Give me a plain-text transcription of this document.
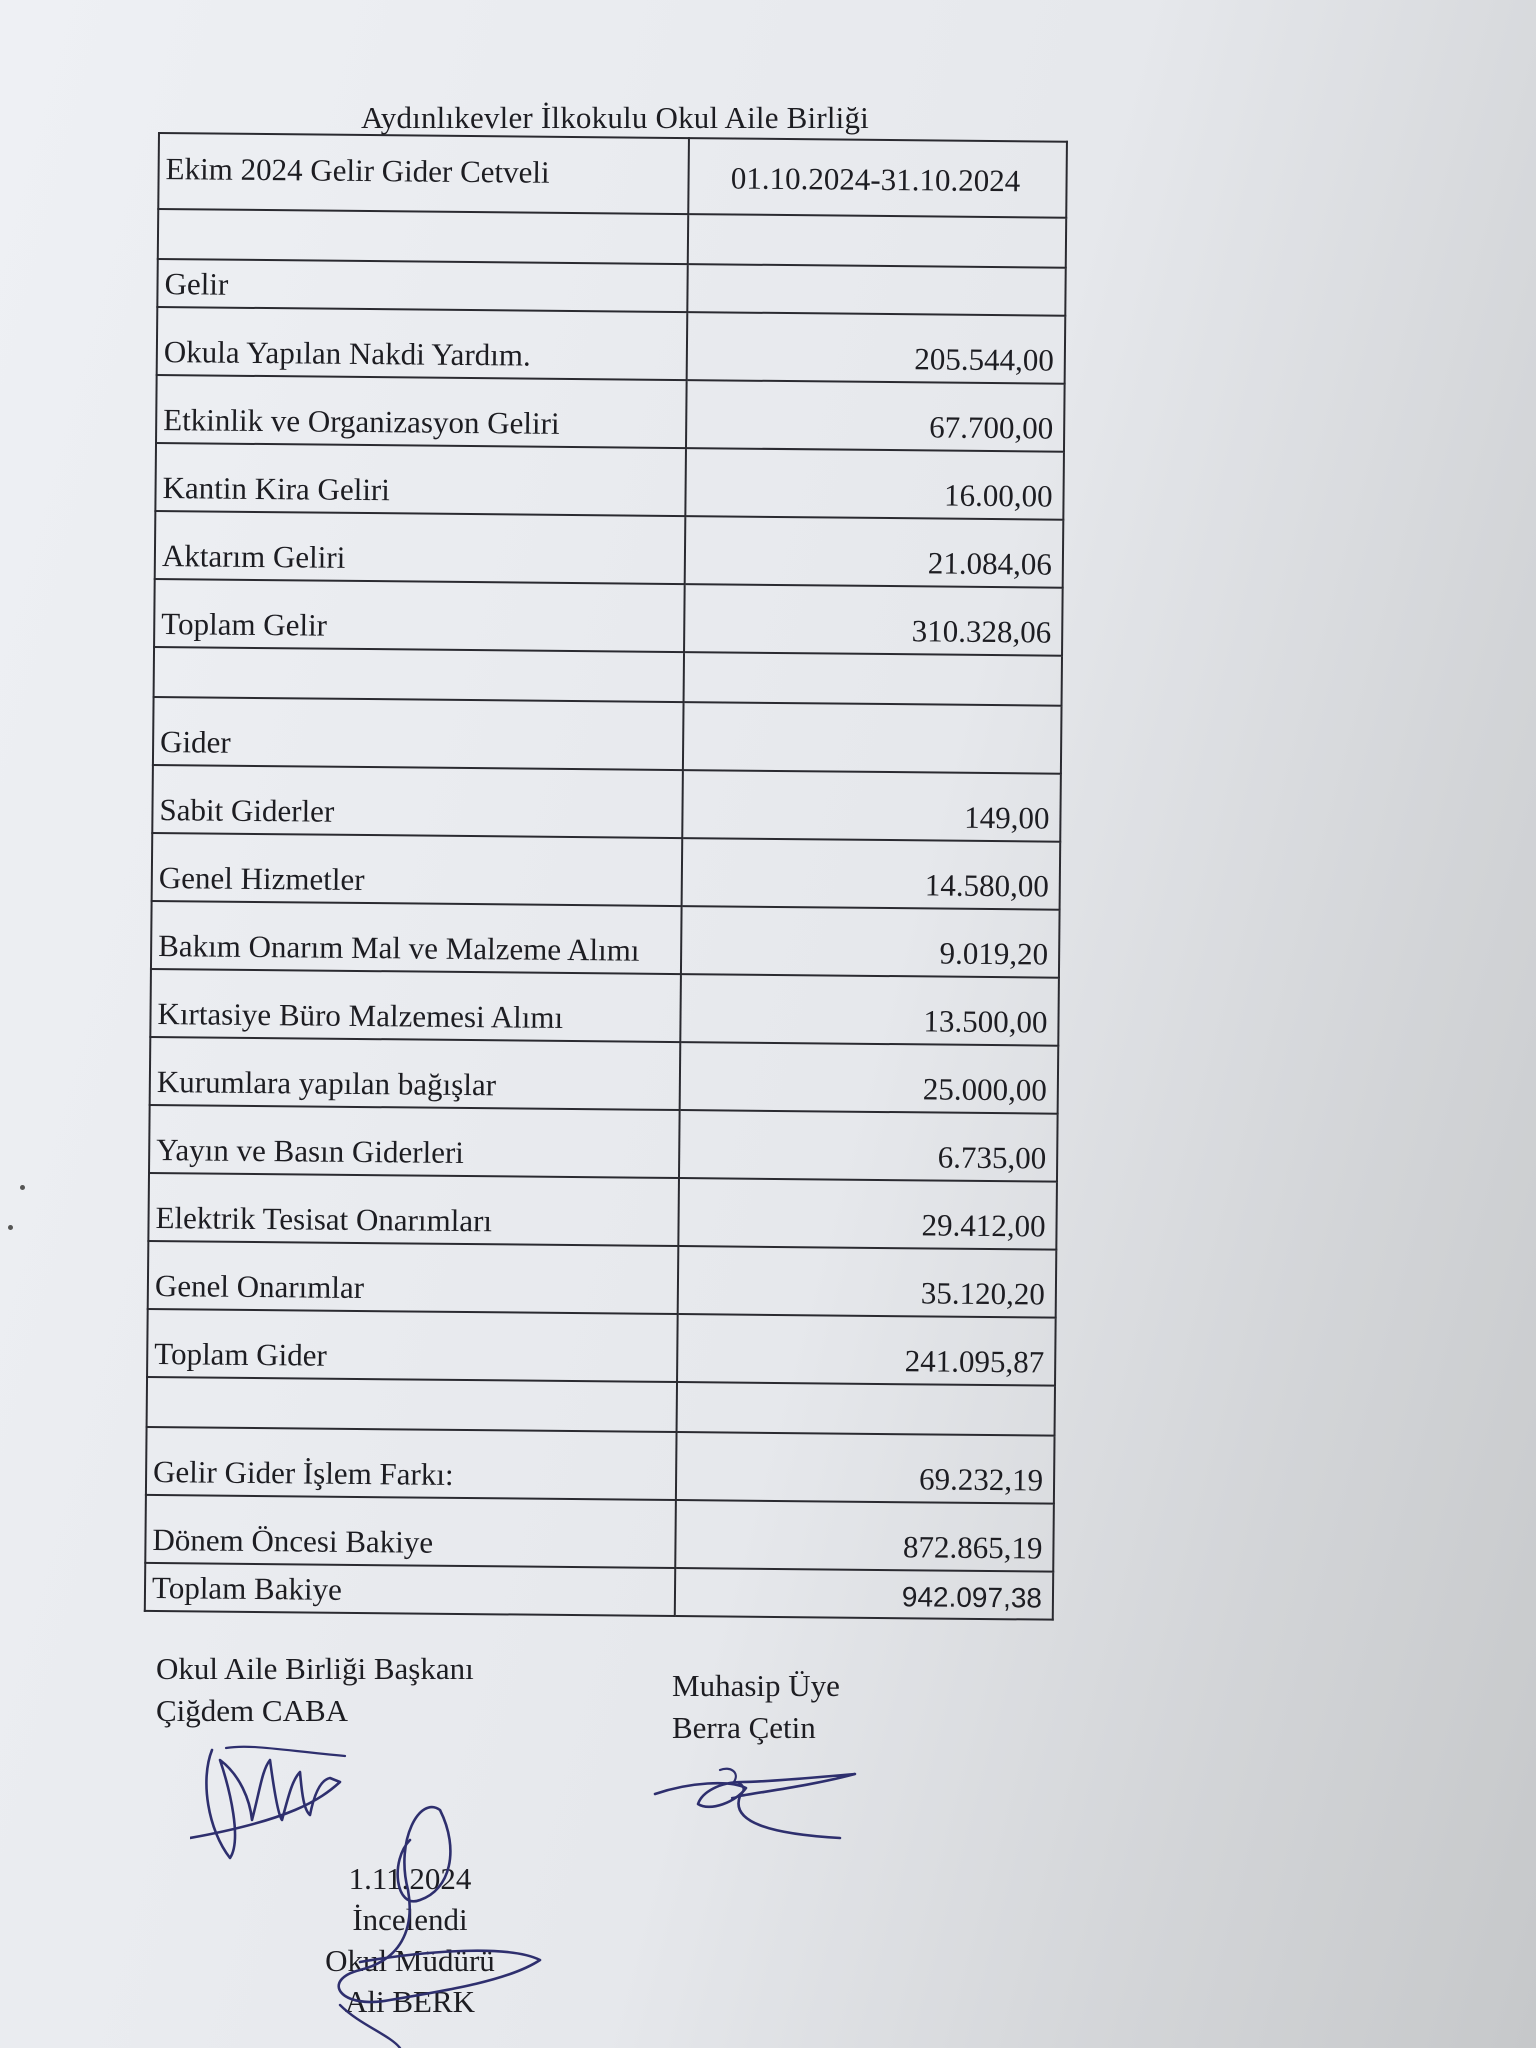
Aydınlıkevler İlkokulu Okul Aile Birliği
Ekim 2024 Gelir Gider Cetveli	01.10.2024-31.10.2024

Gelir	
Okula Yapılan Nakdi Yardım.	205.544,00
Etkinlik ve Organizasyon Geliri	67.700,00
Kantin Kira Geliri	16.00,00
Aktarım Geliri	21.084,06
Toplam Gelir	310.328,06

Gider	
Sabit Giderler	149,00
Genel Hizmetler	14.580,00
Bakım Onarım Mal ve Malzeme Alımı	9.019,20
Kırtasiye Büro Malzemesi Alımı	13.500,00
Kurumlara yapılan bağışlar	25.000,00
Yayın ve Basın Giderleri	6.735,00
Elektrik Tesisat Onarımları	29.412,00
Genel Onarımlar	35.120,20
Toplam Gider	241.095,87

Gelir Gider İşlem Farkı:	69.232,19
Dönem Öncesi Bakiye	872.865,19
Toplam Bakiye	942.097,38
Okul Aile Birliği Başkanı
Çiğdem CABA
Muhasip Üye
Berra Çetin
1.11.2024
İncelendi
Okul Müdürü
Ali BERK
